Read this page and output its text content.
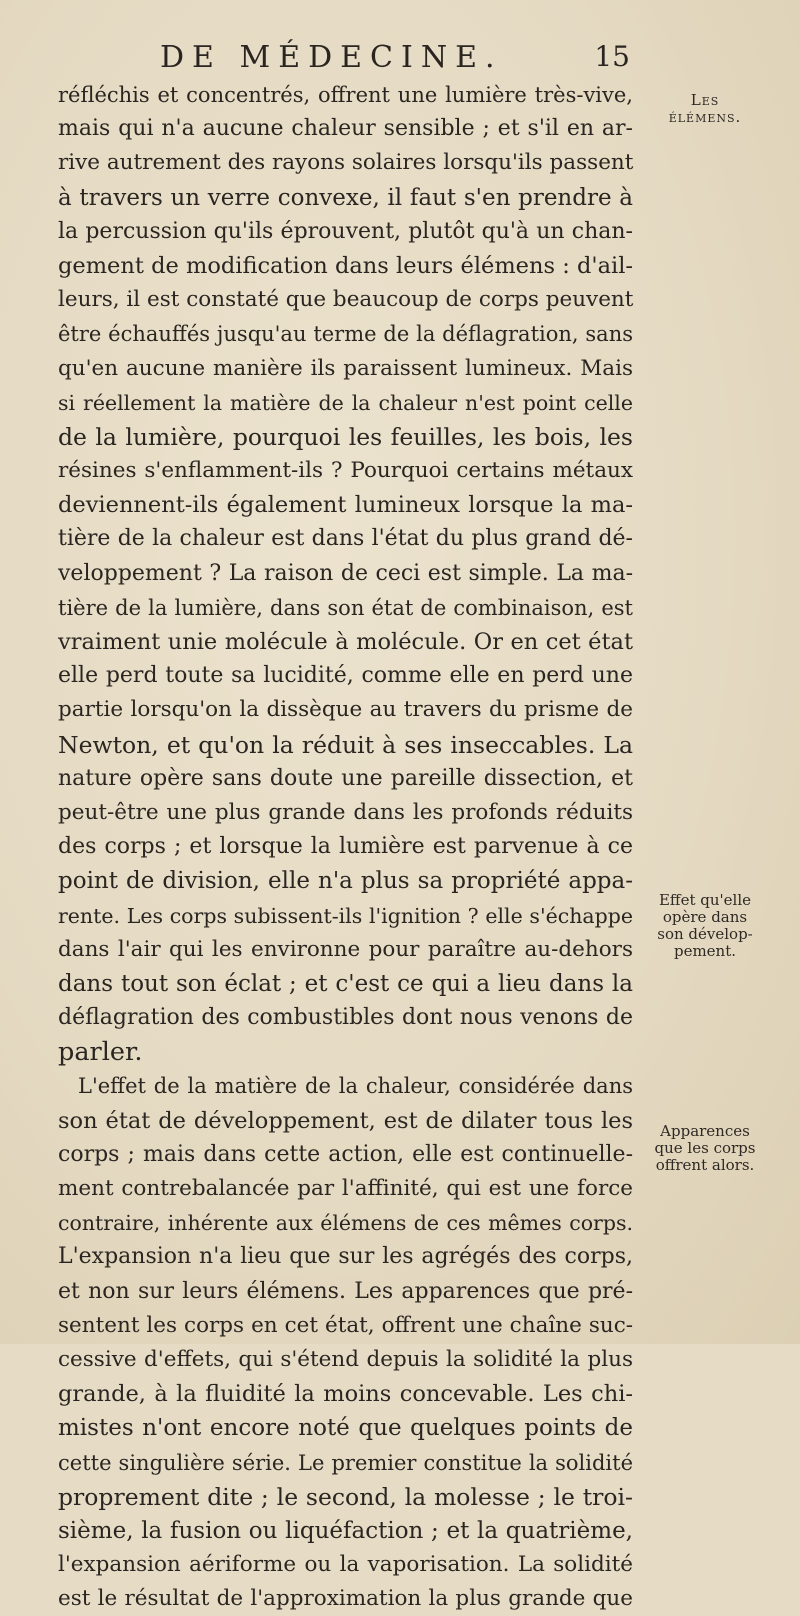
DE MÉDECINE.	15
réfléchis et concentrés, offrent une lumière très-vive,
mais qui n'a aucune chaleur sensible ; et s'il en ar-
rive autrement des rayons solaires lorsqu'ils passent
à travers un verre convexe, il faut s'en prendre à
la percussion qu'ils éprouvent, plutôt qu'à un chan-
gement de modification dans leurs élémens : d'ail-
leurs, il est constaté que beaucoup de corps peuvent
être échauffés jusqu'au terme de la déflagration, sans
qu'en aucune manière ils paraissent lumineux. Mais
si réellement la matière de la chaleur n'est point celle
de la lumière, pourquoi les feuilles, les bois, les
résines s'enflamment-ils ? Pourquoi certains métaux
deviennent-ils également lumineux lorsque la ma-
tière de la chaleur est dans l'état du plus grand dé-
veloppement ? La raison de ceci est simple. La ma-
tière de la lumière, dans son état de combinaison, est
vraiment unie molécule à molécule. Or en cet état
elle perd toute sa lucidité, comme elle en perd une
partie lorsqu'on la dissèque au travers du prisme de
Newton, et qu'on la réduit à ses inseccables. La
nature opère sans doute une pareille dissection, et
peut-être une plus grande dans les profonds réduits
des corps ; et lorsque la lumière est parvenue à ce
point de division, elle n'a plus sa propriété appa-
rente. Les corps subissent-ils l'ignition ? elle s'échappe
dans l'air qui les environne pour paraître au-dehors
dans tout son éclat ; et c'est ce qui a lieu dans la
déflagration des combustibles dont nous venons de
parler.
L'effet de la matière de la chaleur, considérée dans
son état de développement, est de dilater tous les
corps ; mais dans cette action, elle est continuelle-
ment contrebalancée par l'affinité, qui est une force
contraire, inhérente aux élémens de ces mêmes corps.
L'expansion n'a lieu que sur les agrégés des corps,
et non sur leurs élémens. Les apparences que pré-
sentent les corps en cet état, offrent une chaîne suc-
cessive d'effets, qui s'étend depuis la solidité la plus
grande, à la fluidité la moins concevable. Les chi-
mistes n'ont encore noté que quelques points de
cette singulière série. Le premier constitue la solidité
proprement dite ; le second, la molesse ; le troi-
sième, la fusion ou liquéfaction ; et la quatrième,
l'expansion aériforme ou la vaporisation. La solidité
est le résultat de l'approximation la plus grande que
Les
élémens.
Effet qu'elle
opère dans
son dévelop-
pement.
Apparences
que les corps
offrent alors.
